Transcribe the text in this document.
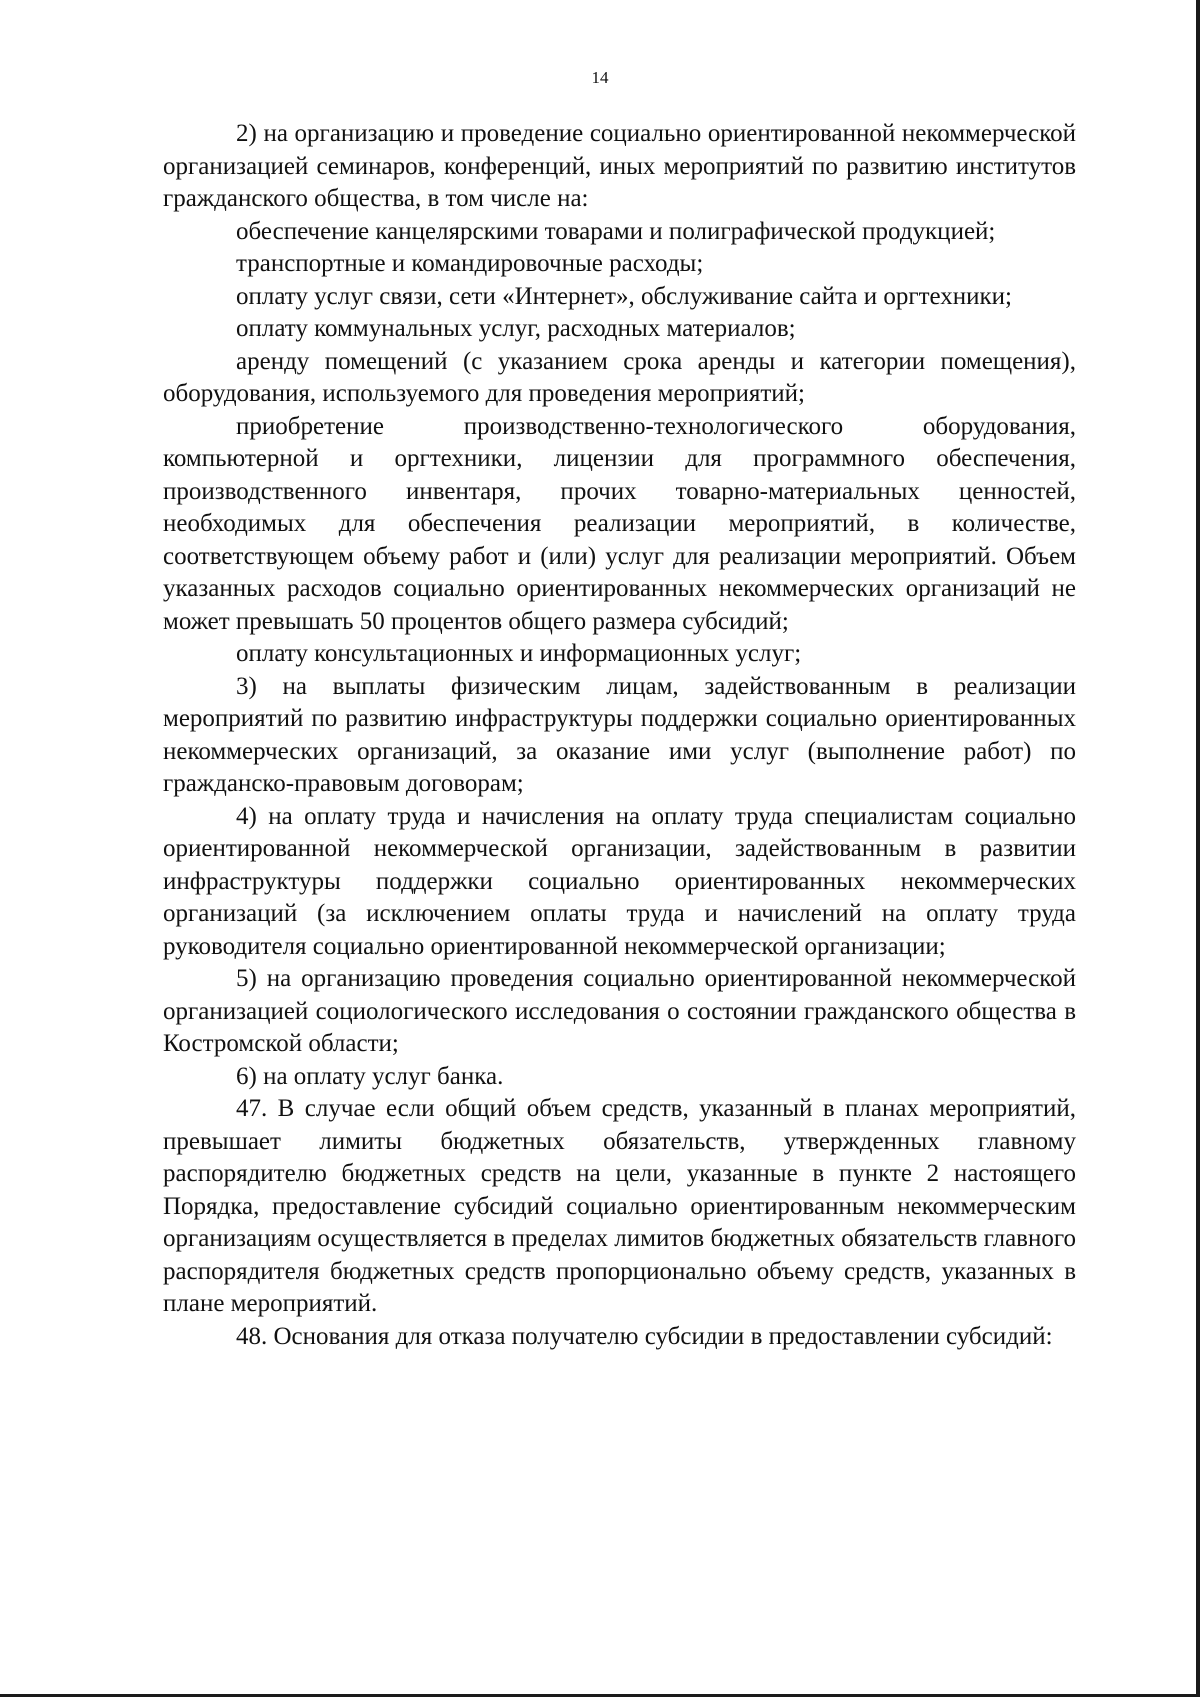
14

2) на организацию и проведение социально ориентированной некоммерческой организацией семинаров, конференций, иных мероприятий по развитию институтов гражданского общества, в том числе на:

обеспечение канцелярскими товарами и полиграфической продукцией;

транспортные и командировочные расходы;

оплату услуг связи, сети «Интернет», обслуживание сайта и оргтехники;

оплату коммунальных услуг, расходных материалов;

аренду помещений (с указанием срока аренды и категории помещения), оборудования, используемого для проведения мероприятий;

приобретение производственно-технологического оборудования, компьютерной и оргтехники, лицензии для программного обеспечения, производственного инвентаря, прочих товарно-материальных ценностей, необходимых для обеспечения реализации мероприятий, в количестве, соответствующем объему работ и (или) услуг для реализации мероприятий. Объем указанных расходов социально ориентированных некоммерческих организаций не может превышать 50 процентов общего размера субсидий;

оплату консультационных и информационных услуг;

3) на выплаты физическим лицам, задействованным в реализации мероприятий по развитию инфраструктуры поддержки социально ориентированных некоммерческих организаций, за оказание ими услуг (выполнение работ) по гражданско-правовым договорам;

4) на оплату труда и начисления на оплату труда специалистам социально ориентированной некоммерческой организации, задействованным в развитии инфраструктуры поддержки социально ориентированных некоммерческих организаций (за исключением оплаты труда и начислений на оплату труда руководителя социально ориентированной некоммерческой организации;

5) на организацию проведения социально ориентированной некоммерческой организацией социологического исследования о состоянии гражданского общества в Костромской области;

6) на оплату услуг банка.

47. В случае если общий объем средств, указанный в планах мероприятий, превышает лимиты бюджетных обязательств, утвержденных главному распорядителю бюджетных средств на цели, указанные в пункте 2 настоящего Порядка, предоставление субсидий социально ориентированным некоммерческим организациям осуществляется в пределах лимитов бюджетных обязательств главного распорядителя бюджетных средств пропорционально объему средств, указанных в плане мероприятий.

48. Основания для отказа получателю субсидии в предоставлении субсидий:
